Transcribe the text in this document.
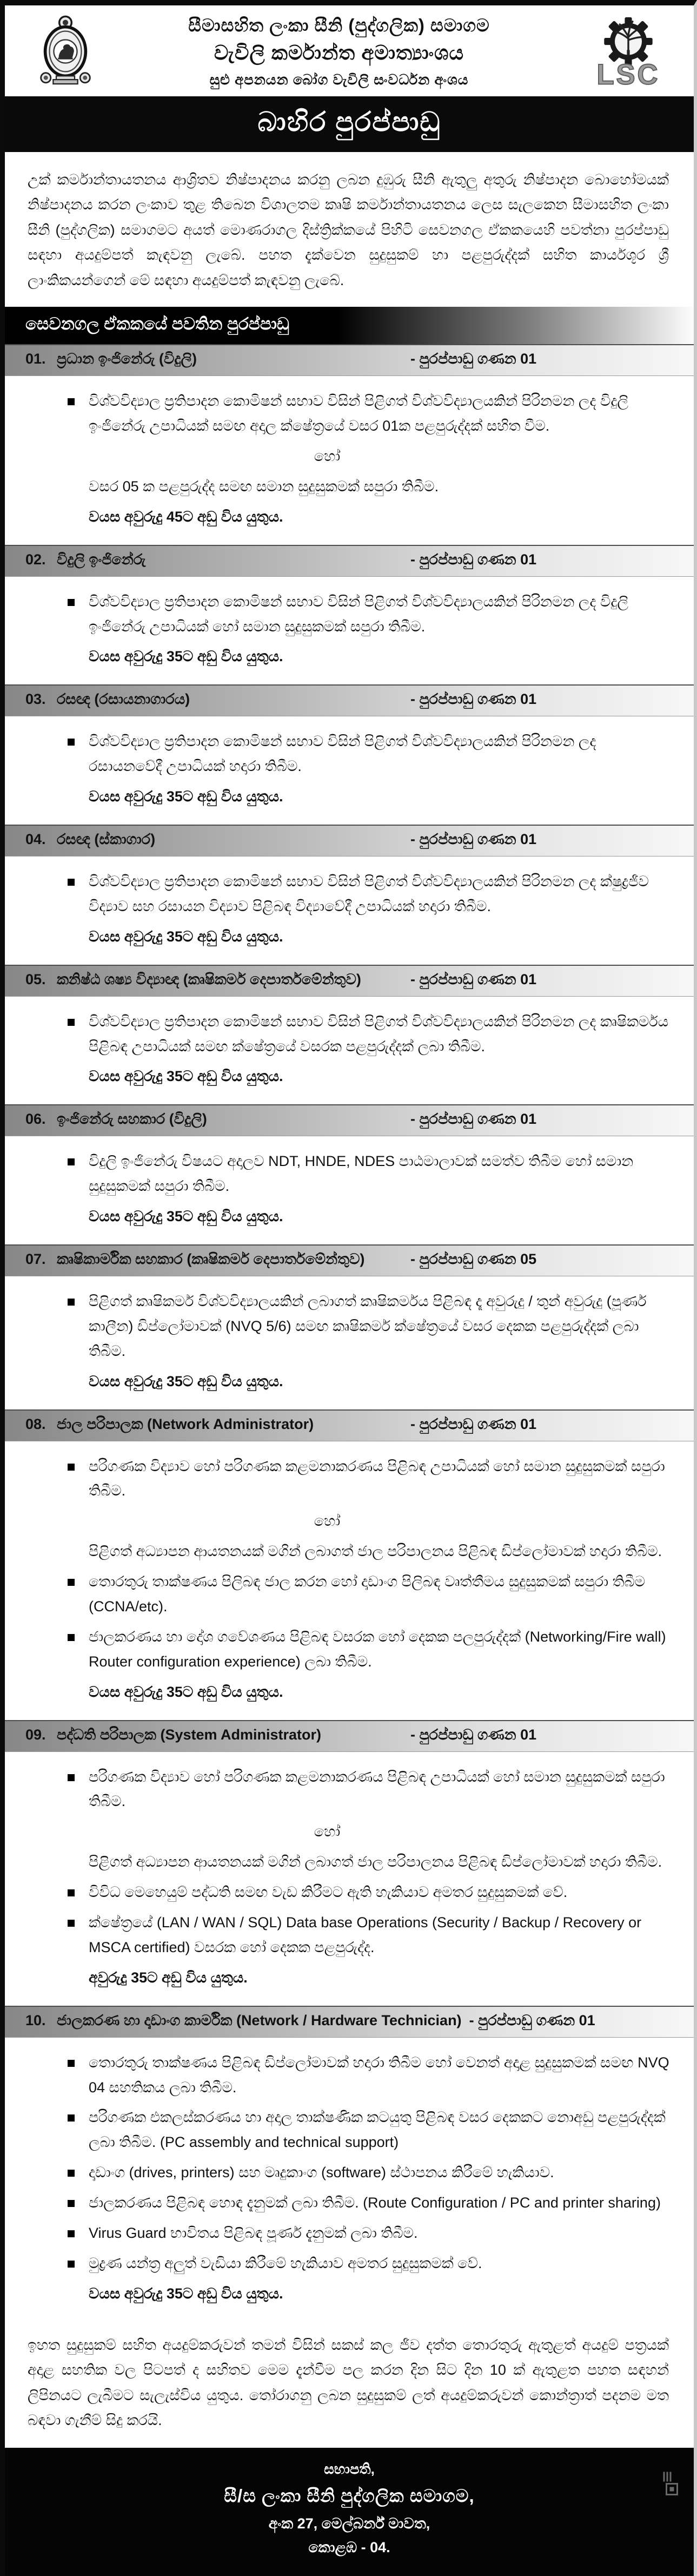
සීමාසහිත ලංකා සීනි (පුද්ගලික) සමාගම
වැවිලි කර්මාන්ත අමාත්‍යාංශය
සුළු අපනයන බෝග වැවිලි සංවර්ධන අංශය	LSC
බාහිර පුරප්පාඩු
උක් කර්මාන්තායතනය ආශ්‍රිතව නිෂ්පාදනය කරනු ලබන දුඹුරු සීනි ඇතුලු අතුරු නිෂ්පාදන බොහෝමයක් නිෂ්පාදනය කරන ලංකාව තුළ තිබෙන විශාලතම කෘෂි කර්මාන්තායතනය ලෙස සැලකෙන සීමාසහිත ලංකා සීනි (පුද්ගලික) සමාගමට අයත් මොණරාගල දිස්ත්‍රික්කයේ පිහිටි සෙවනගල ඒකකයෙහි පවත්නා පුරප්පාඩු සඳහා අයදුම්පත් කැඳවනු ලැබේ. පහත දැක්වෙන සුදුසුකම් හා පළපුරුද්දක් සහිත කාර්යශූර ශ්‍රී ලාංකිකයන්ගෙන් මේ සඳහා අයදුම්පත් කැඳවනු ලැබේ.
සෙවනගල ඒකකයේ පවතින පුරප්පාඩු
01. ප්‍රධාන ඉංජිනේරු (විදුලි)	- පුරප්පාඩු ගණන 01
විශ්වවිද්‍යාල ප්‍රතිපාදන කොමිෂන් සභාව විසින් පිළිගත් විශ්වවිද්‍යාලයකින් පිරිනමන ලද විදුලි ඉංජිනේරු උපාධියක් සමඟ අදාල ක්ෂේත්‍රයේ වසර 01ක පළපුරුද්දක් සහිත වීම.
හෝ
වසර 05 ක පළපුරුද්ද සමඟ සමාන සුදුසුකමක් සපුරා තිබීම.
වයස අවුරුදු 45ට අඩු විය යුතුය.
02. විදුලි ඉංජිනේරු	- පුරප්පාඩු ගණන 01
විශ්වවිද්‍යාල ප්‍රතිපාදන කොමිෂන් සභාව විසින් පිළිගත් විශ්වවිද්‍යාලයකින් පිරිනමන ලද විදුලි ඉංජිනේරු උපාධියක් හෝ සමාන සුදුසුකමක් සපුරා තිබීම.
වයස අවුරුදු 35ට අඩු විය යුතුය.
03. රසඥ (රසායනාගාරය)	- පුරප්පාඩු ගණන 01
විශ්වවිද්‍යාල ප්‍රතිපාදන කොමිෂන් සභාව විසින් පිළිගත් විශ්වවිද්‍යාලයකින් පිරිනමන ලද රසායනවේදී උපාධියක් හදාරා තිබීම.
වයස අවුරුදු 35ට අඩු විය යුතුය.
04. රසඥ (ස්කාගාර)	- පුරප්පාඩු ගණන 01
විශ්වවිද්‍යාල ප්‍රතිපාදන කොමිෂන් සභාව විසින් පිළිගත් විශ්වවිද්‍යාලයකින් පිරිනමන ලද ක්ෂුද්‍රජීව විද්‍යාව සහ රසායන විද්‍යාව පිළිබඳ විද්‍යාවේදී උපාධියක් හදාරා තිබීම.
වයස අවුරුදු 35ට අඩු විය යුතුය.
05. කනිෂ්ඨ ශෂ්‍ය විද්‍යාඥ (කෘෂිකර්ම දෙපාර්තමේන්තුව)	- පුරප්පාඩු ගණන 01
විශ්වවිද්‍යාල ප්‍රතිපාදන කොමිෂන් සභාව විසින් පිළිගත් විශ්වවිද්‍යාලයකින් පිරිනමන ලද කෘෂිකර්මය පිළිබඳ උපාධියක් සමඟ ක්ෂේත්‍රයේ වසරක පළපුරුද්දක් ලබා තිබීම.
වයස අවුරුදු 35ට අඩු විය යුතුය.
06. ඉංජිනේරු සහකාර (විදුලි)	- පුරප්පාඩු ගණන 01
විදුලි ඉංජිනේරු විෂයට අදාලව NDT, HNDE, NDES පාඨමාලාවක් සමත්ව තිබීම හෝ සමාන සුදුසුකමක් සපුරා තිබීම.
වයස අවුරුදු 35ට අඩු විය යුතුය.
07. කෘෂිකාර්මික සහකාර (කෘෂිකර්ම දෙපාර්තමේන්තුව)	- පුරප්පාඩු ගණන 05
පිළිගත් කෘෂිකර්ම විශ්වවිද්‍යාලයකින් ලබාගත් කෘෂිකර්මය පිළිබඳ දෑ අවුරුදු / තුන් අවුරුදු (පූර්ණ කාලීන) ඩිප්ලෝමාවක් (NVQ 5/6) සමඟ කෘෂිකර්ම ක්ෂේත්‍රයේ වසර දෙකක පළපුරුද්දක් ලබා තිබීම.
වයස අවුරුදු 35ට අඩු විය යුතුය.
08. ජාල පරිපාලක (Network Administrator)	- පුරප්පාඩු ගණන 01
පරිගණක විද්‍යාව හෝ පරිගණක කළමනාකරණය පිළිබඳ උපාධියක් හෝ සමාන සුදුසුකමක් සපුරා තිබීම.
හෝ
පිළිගත් අධ්‍යාපන ආයතනයක් මගින් ලබාගත් ජාල පරිපාලනය පිළිබඳ ඩිප්ලෝමාවක් හදාරා තිබීම.
තොරතුරු තාක්ෂණය පිලිබඳ ජාල කරන හෝ දෘඩාංග පිලිබඳ වෘත්තීමය සුදුසුකමක් සපුරා තිබීම (CCNA/etc).
ජාලකරණය හා දෝශ ගවේශණය පිළිබඳ වසරක හෝ දෙකක පලපුරුද්දක් (Networking/Fire wall) Router configuration experience) ලබා තිබීම.
වයස අවුරුදු 35ට අඩු විය යුතුය.
09. පද්ධති පරිපාලක (System Administrator)	- පුරප්පාඩු ගණන 01
පරිගණක විද්‍යාව හෝ පරිගණක කළමනාකරණය පිළිබඳ උපාධියක් හෝ සමාන සුදුසුකමක් සපුරා තිබීම.
හෝ
පිළිගත් අධ්‍යාපන ආයතනයක් මගින් ලබාගත් ජාල පරිපාලනය පිළිබඳ ඩිප්ලෝමාවක් හදාරා තිබීම.
විවිධ මෙහෙයුම් පද්ධති සමඟ වැඩ කිරීමට ඇති හැකියාව අමතර සුදුසුකමක් වේ.
ක්ෂේත්‍රයේ (LAN / WAN / SQL) Data base Operations (Security / Backup / Recovery or MSCA certified) වසරක හෝ දෙකක පළපුරුද්ද.
අවුරුදු 35ට අඩු විය යුතුය.
10. ජාලකරණ හා දෘඩාංග කාර්මික (Network / Hardware Technician) - පුරප්පාඩු ගණන 01
තොරතුරු තාක්ෂණය පිළිබඳ ඩිප්ලෝමාවක් හදාරා තිබීම හෝ වෙනත් අදාළ සුදුසුකමක් සමඟ NVQ 04 සහතිකය ලබා තිබීම.
පරිගණක එකලස්කරණය හා අදාල තාක්ෂණික කටයුතු පිළිබඳ වසර දෙකකට නොඅඩු පළපුරුද්දක් ලබා තිබීම. (PC assembly and technical support)
දෘඩාංග (drives, printers) සහ මෘදුකාංග (software) ස්ථාපනය කිරීමේ හැකියාව.
ජාලකරණය පිළිබඳ හොඳ දැනුමක් ලබා තිබීම. (Route Configuration / PC and printer sharing)
Virus Guard භාවිතය පිළිබඳ පූර්ණ දැනුමක් ලබා තිබීම.
මුද්‍රණ යන්ත්‍ර අලුත් වැඩියා කිරීමේ හැකියාව අමතර සුදුසුකමක් වේ.
වයස අවුරුදු 35ට අඩු විය යුතුය.
ඉහත සුදුසුකම් සහිත අයදුම්කරුවන් තමන් විසින් සකස් කල ජීව දත්ත තොරතුරු ඇතුළත් අයදුම් පත්‍රයක් අදාළ සහතික වල පිටපත් ද සහිතව මෙම දැන්වීම පල කරන දින සිට දින 10 ක් ඇතුළත පහත සඳහන් ලිපිනයට ලැබීමට සැලැස්විය යුතුය. තෝරාගනු ලබන සුදුසුකම් ලත් අයදුම්කරුවන් කොන්ත්‍රාත් පදනම මත බඳවා ගැනීම් සිදු කරයි.
සභාපති,
සී/ස ලංකා සීනි පුද්ගලික සමාගම,
අංක 27, මෙල්බර්න් මාවත,
කොළඹ - 04.
